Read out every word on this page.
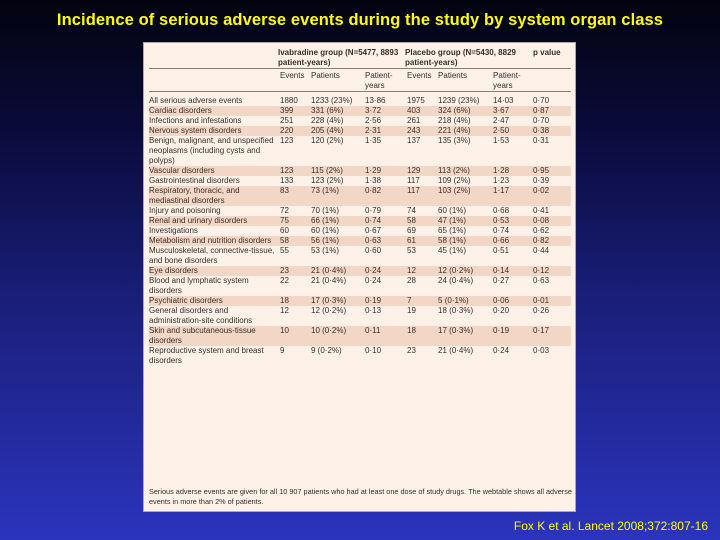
Incidence of serious adverse events during the study by system organ class
	Ivabradine group (N=5477, 8893 patient-years)			Placebo group (N=5430, 8829 patient-years)			p value
	Events	Patients	Patient-years	Events	Patients	Patient-years	
All serious adverse events	1880	1233 (23%)	13·86	1975	1239 (23%)	14·03	0·70
Cardiac disorders	399	331 (6%)	3·72	403	324 (6%)	3·67	0·87
Infections and infestations	251	228 (4%)	2·56	261	218 (4%)	2·47	0·70
Nervous system disorders	220	205 (4%)	2·31	243	221 (4%)	2·50	0·38
Benign, malignant, and unspecified neoplasms (including cysts and polyps)	123	120 (2%)	1·35	137	135 (3%)	1·53	0·31
Vascular disorders	123	115 (2%)	1·29	129	113 (2%)	1·28	0·95
Gastrointestinal disorders	133	123 (2%)	1·38	117	109 (2%)	1·23	0·39
Respiratory, thoracic, and mediastinal disorders	83	73 (1%)	0·82	117	103 (2%)	1·17	0·02
Injury and poisoning	72	70 (1%)	0·79	74	60 (1%)	0·68	0·41
Renal and urinary disorders	75	66 (1%)	0·74	58	47 (1%)	0·53	0·08
Investigations	60	60 (1%)	0·67	69	65 (1%)	0·74	0·62
Metabolism and nutrition disorders	58	56 (1%)	0·63	61	58 (1%)	0·66	0·82
Musculoskeletal, connective-tissue, and bone disorders	55	53 (1%)	0·60	53	45 (1%)	0·51	0·44
Eye disorders	23	21 (0·4%)	0·24	12	12 (0·2%)	0·14	0·12
Blood and lymphatic system disorders	22	21 (0·4%)	0·24	28	24 (0·4%)	0·27	0·63
Psychiatric disorders	18	17 (0·3%)	0·19	7	5 (0·1%)	0·06	0·01
General disorders and administration-site conditions	12	12 (0·2%)	0·13	19	18 (0·3%)	0·20	0·26
Skin and subcutaneous-tissue disorders	10	10 (0·2%)	0·11	18	17 (0·3%)	0·19	0·17
Reproductive system and breast disorders	9	9 (0·2%)	0·10	23	21 (0·4%)	0·24	0·03
Serious adverse events are given for all 10 907 patients who had at least one dose of study drugs. The webtable shows all adverse events in more than 2% of patients.
Fox K et al. Lancet 2008;372:807-16
